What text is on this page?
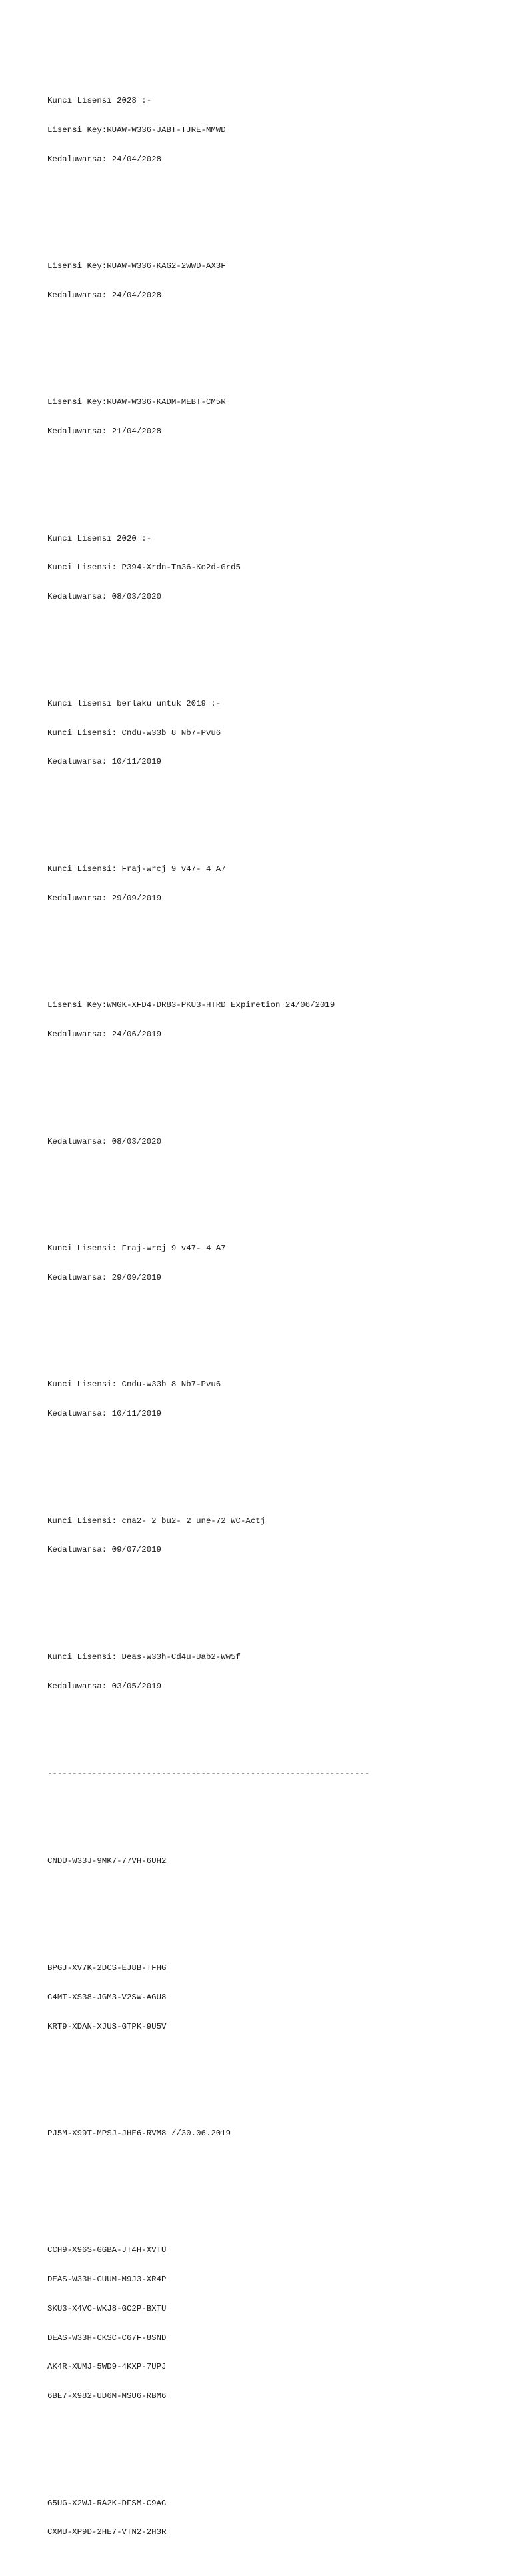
Kunci Lisensi 2028 :-

Lisensi Key:RUAW-W336-JABT-TJRE-MMWD

Kedaluwarsa: 24/04/2028

Lisensi Key:RUAW-W336-KAG2-2WWD-AX3F

Kedaluwarsa: 24/04/2028

Lisensi Key:RUAW-W336-KADM-MEBT-CM5R

Kedaluwarsa: 21/04/2028

Kunci Lisensi 2020 :-

Kunci Lisensi: P394-Xrdn-Tn36-Kc2d-Grd5

Kedaluwarsa: 08/03/2020

Kunci lisensi berlaku untuk 2019 :-

Kunci Lisensi: Cndu-w33b 8 Nb7-Pvu6

Kedaluwarsa: 10/11/2019

Kunci Lisensi: Fraj-wrcj 9 v47- 4 A7

Kedaluwarsa: 29/09/2019

Lisensi Key:WMGK-XFD4-DR83-PKU3-HTRD Expiretion 24/06/2019

Kedaluwarsa: 24/06/2019

Kedaluwarsa: 08/03/2020

Kunci Lisensi: Fraj-wrcj 9 v47- 4 A7

Kedaluwarsa: 29/09/2019

Kunci Lisensi: Cndu-w33b 8 Nb7-Pvu6

Kedaluwarsa: 10/11/2019

Kunci Lisensi: cna2- 2 bu2- 2 une-72 WC-Actj

Kedaluwarsa: 09/07/2019

Kunci Lisensi: Deas-W33h-Cd4u-Uab2-Ww5f

Kedaluwarsa: 03/05/2019

-----------------------------------------------------------------

CNDU-W33J-9MK7-77VH-6UH2

BPGJ-XV7K-2DCS-EJ8B-TFHG

C4MT-XS38-JGM3-V2SW-AGU8

KRT9-XDAN-XJUS-GTPK-9U5V

PJ5M-X99T-MPSJ-JHE6-RVM8 //30.06.2019

CCH9-X96S-GGBA-JT4H-XVTU

DEAS-W33H-CUUM-M9J3-XR4P

SKU3-X4VC-WKJ8-GC2P-BXTU

DEAS-W33H-CKSC-C67F-8SND

AK4R-XUMJ-5WD9-4KXP-7UPJ

6BE7-X982-UD6M-MSU6-RBM6

G5UG-X2WJ-RA2K-DFSM-C9AC

CXMU-XP9D-2HE7-VTN2-2H3R
